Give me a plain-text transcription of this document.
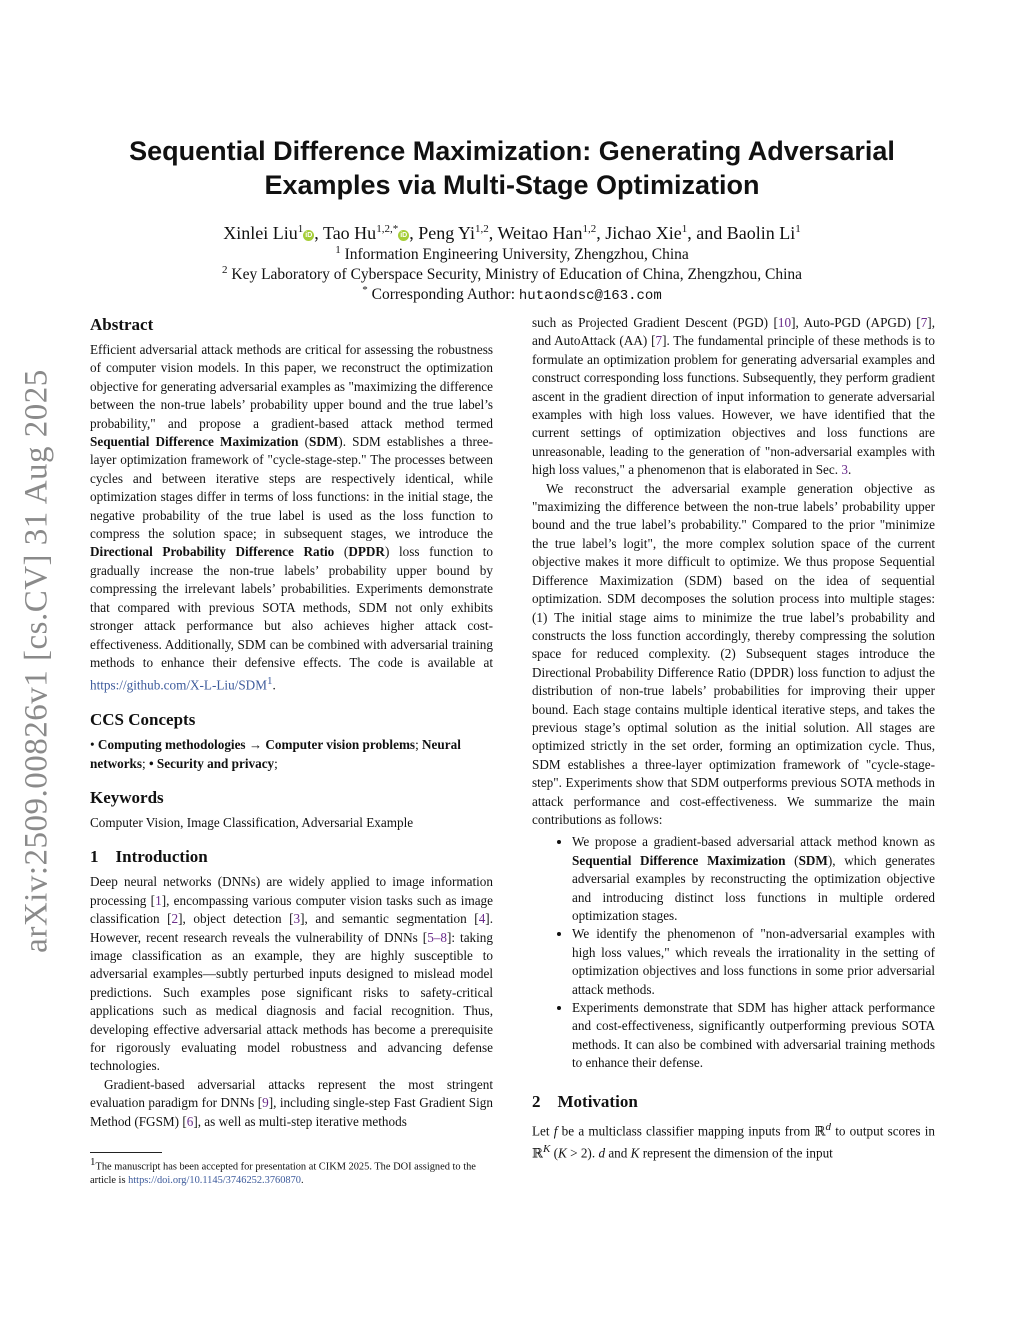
arXiv:2509.00826v1 [cs.CV] 31 Aug 2025
Sequential Difference Maximization: Generating Adversarial
Examples via Multi-Stage Optimization
Xinlei Liu$^1$iD , Tao $Hu^{1,2,*}iD$ , Peng Yi$^{1,2}$, Weitao Han$^{1,2}$, Jichao Xie$^1$, and Baolin Li$^1$
$^1$ Information Engineering University, Zhengzhou, China
$^2$ Key Laboratory of Cyberspace Security, Ministry of Education of China, Zhengzhou, China
* Corresponding Author: hutaondsc@163.com
Abstract

Efficient adversarial attack methods are critical for assessing the robustness of computer vision models. In this paper, we reconstruct the optimization objective for generating adversarial examples as "maximizing the difference between the non-true labels’ probability upper bound and the true label’s probability," and propose a gradient-based attack method termed Sequential Difference Maximization (SDM). SDM establishes a three-layer optimization framework of "cycle-stage-step." The processes between cycles and between iterative steps are respectively identical, while optimization stages differ in terms of loss functions: in the initial stage, the negative probability of the true label is used as the loss function to compress the solution space; in subsequent stages, we introduce the Directional Probability Difference Ratio (DPDR) loss function to gradually increase the non-true labels’ probability upper bound by compressing the irrelevant labels’ probabilities. Experiments demonstrate that compared with previous SOTA methods, SDM not only exhibits stronger attack performance but also achieves higher attack cost-effectiveness. Additionally, SDM can be combined with adversarial training methods to enhance their defensive effects. The code is available at https://github.com/X-L-Liu/SDM$^1$.

CCS Concepts

• Computing methodologies → Computer vision problems; Neural networks; • Security and privacy;

Keywords

Computer Vision, Image Classification, Adversarial Example

1    Introduction

Deep neural networks (DNNs) are widely applied to image information processing [1], encompassing various computer vision tasks such as image classification [2], object detection [3], and semantic segmentation [4]. However, recent research reveals the vulnerability of DNNs [5–8]: taking image classification as an example, they are highly susceptible to adversarial examples—subtly perturbed inputs designed to mislead model predictions. Such examples pose significant risks to safety-critical applications such as medical diagnosis and facial recognition. Thus, developing effective adversarial attack methods has become a prerequisite for rigorously evaluating model robustness and advancing defense technologies.

Gradient-based adversarial attacks represent the most stringent evaluation paradigm for DNNs [9], including single-step Fast Gradient Sign Method (FGSM) [6], as well as multi-step iterative methods

$^1$The manuscript has been accepted for presentation at CIKM 2025. The DOI assigned to the article is https://doi.org/10.1145/3746252.3760870.

such as Projected Gradient Descent (PGD) [10], Auto-PGD (APGD) [7], and AutoAttack (AA) [7]. The fundamental principle of these methods is to formulate an optimization problem for generating adversarial examples and construct corresponding loss functions. Subsequently, they perform gradient ascent in the gradient direction of input information to generate adversarial examples with high loss values. However, we have identified that the current settings of optimization objectives and loss functions are unreasonable, leading to the generation of "non-adversarial examples with high loss values," a phenomenon that is elaborated in Sec. 3.

We reconstruct the adversarial example generation objective as "maximizing the difference between the non-true labels’ probability upper bound and the true label’s probability." Compared to the prior "minimize the true label’s logit", the more complex solution space of the current objective makes it more difficult to optimize. We thus propose Sequential Difference Maximization (SDM) based on the idea of sequential optimization. SDM decomposes the solution process into multiple stages: (1) The initial stage aims to minimize the true label’s probability and constructs the loss function accordingly, thereby compressing the solution space for reduced complexity. (2) Subsequent stages introduce the Directional Probability Difference Ratio (DPDR) loss function to adjust the distribution of non-true labels’ probabilities for improving their upper bound. Each stage contains multiple identical iterative steps, and takes the previous stage’s optimal solution as the initial solution. All stages are optimized strictly in the set order, forming an optimization cycle. Thus, SDM establishes a three-layer optimization framework of "cycle-stage-step". Experiments show that SDM outperforms previous SOTA methods in attack performance and cost-effectiveness. We summarize the main contributions as follows:

• We propose a gradient-based adversarial attack method known as Sequential Difference Maximization (SDM), which generates adversarial examples by reconstructing the optimization objective and introducing distinct loss functions in multiple ordered optimization stages.
• We identify the phenomenon of "non-adversarial examples with high loss values," which reveals the irrationality in the setting of optimization objectives and loss functions in some prior adversarial attack methods.
• Experiments demonstrate that SDM has higher attack performance and cost-effectiveness, significantly outperforming previous SOTA methods. It can also be combined with adversarial training methods to enhance their defense.
2    Motivation

Let f be a multiclass classifier mapping inputs from ℝ$^d$ to output scores in ℝ$^K$ (K > 2). d and K represent the dimension of the input
